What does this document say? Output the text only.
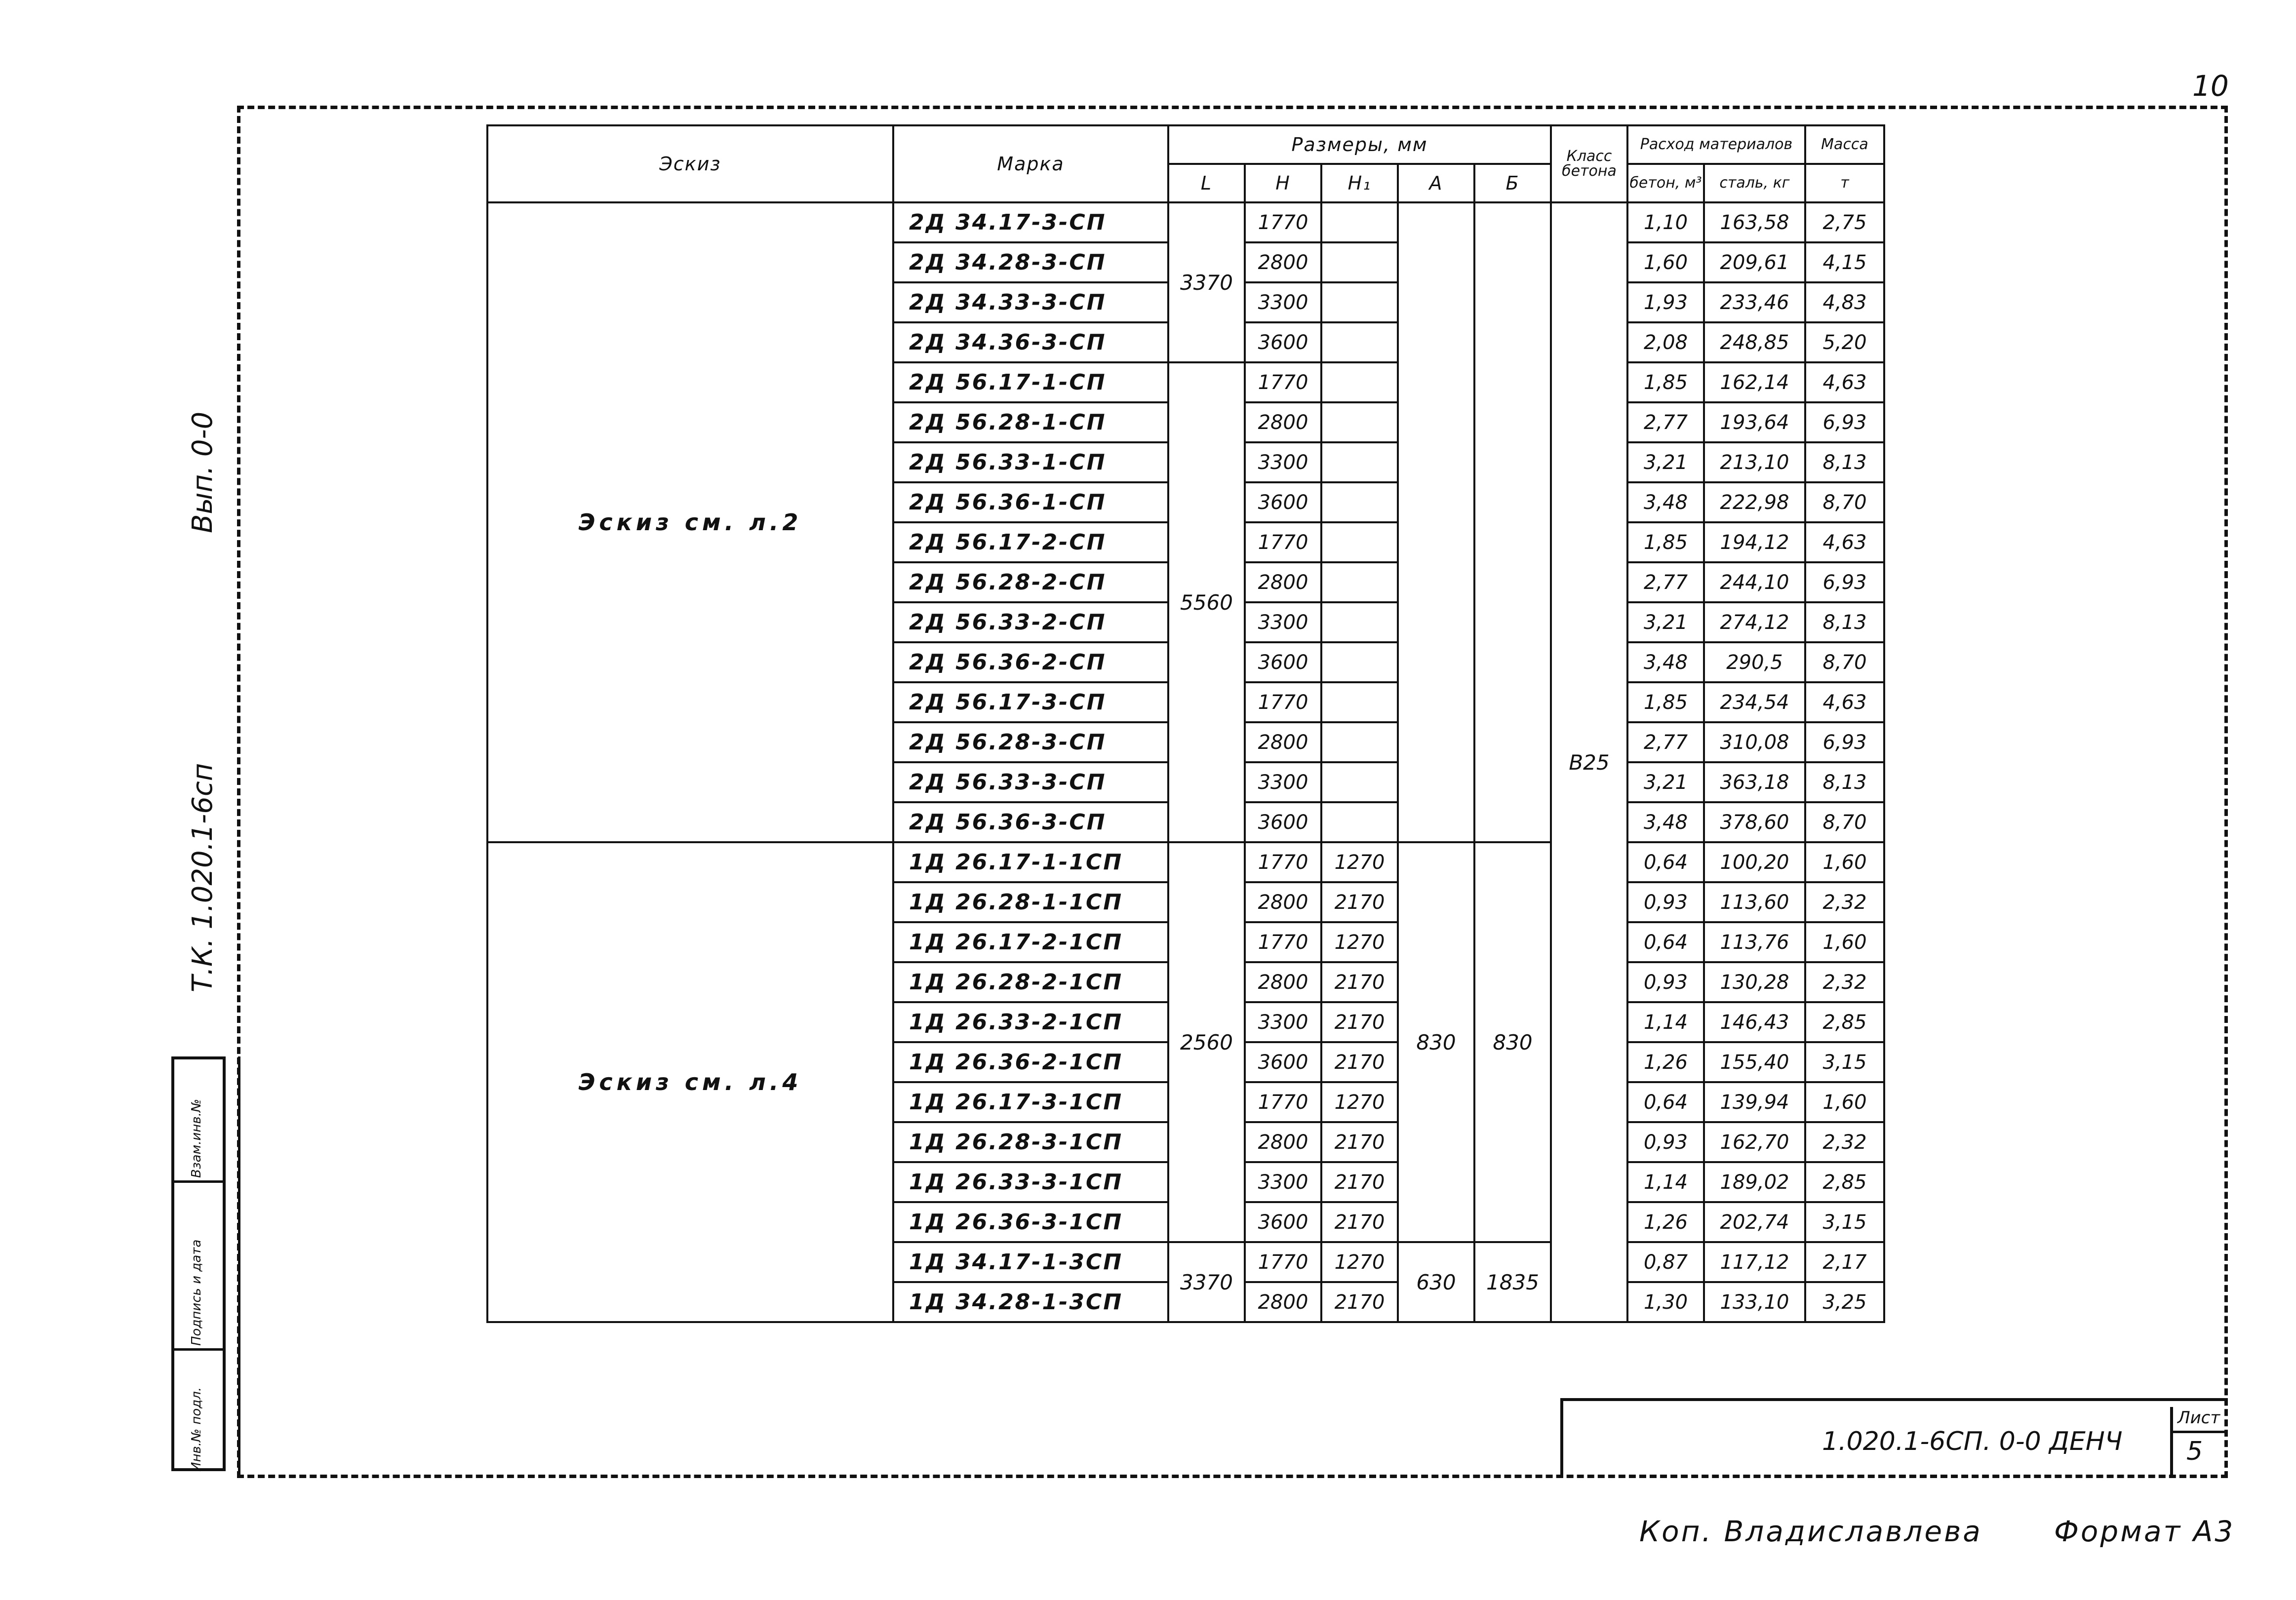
10
Вып. 0-0
Т.К. 1.020.1-6сп
Инв.№ подл.
Подпись и дата
Взам.инв.№
Эскиз	Марка	Размеры, мм					Класс бетона	Расход материалов		Масса
		L	H	H₁	А	Б		бетон, м³	сталь, кг	т
Эскиз см. л.2	2Д 34.17-3-СП	3370	1770				В25	1,10	163,58	2,75
	2Д 34.28-3-СП		2800					1,60	209,61	4,15
	2Д 34.33-3-СП		3300					1,93	233,46	4,83
	2Д 34.36-3-СП		3600					2,08	248,85	5,20
	2Д 56.17-1-СП	5560	1770					1,85	162,14	4,63
	2Д 56.28-1-СП		2800					2,77	193,64	6,93
	2Д 56.33-1-СП		3300					3,21	213,10	8,13
	2Д 56.36-1-СП		3600					3,48	222,98	8,70
	2Д 56.17-2-СП		1770					1,85	194,12	4,63
	2Д 56.28-2-СП		2800					2,77	244,10	6,93
	2Д 56.33-2-СП		3300					3,21	274,12	8,13
	2Д 56.36-2-СП		3600					3,48	290,5	8,70
	2Д 56.17-3-СП		1770					1,85	234,54	4,63
	2Д 56.28-3-СП		2800					2,77	310,08	6,93
	2Д 56.33-3-СП		3300					3,21	363,18	8,13
	2Д 56.36-3-СП		3600					3,48	378,60	8,70
Эскиз см. л.4	1Д 26.17-1-1СП	2560	1770	1270	830	830		0,64	100,20	1,60
	1Д 26.28-1-1СП		2800	2170				0,93	113,60	2,32
	1Д 26.17-2-1СП		1770	1270				0,64	113,76	1,60
	1Д 26.28-2-1СП		2800	2170				0,93	130,28	2,32
	1Д 26.33-2-1СП		3300	2170				1,14	146,43	2,85
	1Д 26.36-2-1СП		3600	2170				1,26	155,40	3,15
	1Д 26.17-3-1СП		1770	1270				0,64	139,94	1,60
	1Д 26.28-3-1СП		2800	2170				0,93	162,70	2,32
	1Д 26.33-3-1СП		3300	2170				1,14	189,02	2,85
	1Д 26.36-3-1СП		3600	2170				1,26	202,74	3,15
	1Д 34.17-1-3СП	3370	1770	1270	630	1835		0,87	117,12	2,17
	1Д 34.28-1-3СП		2800	2170				1,30	133,10	3,25
1.020.1-6СП. 0-0 ДЕНЧ
Лист
5
Коп. Владиславлева	Формат А3
